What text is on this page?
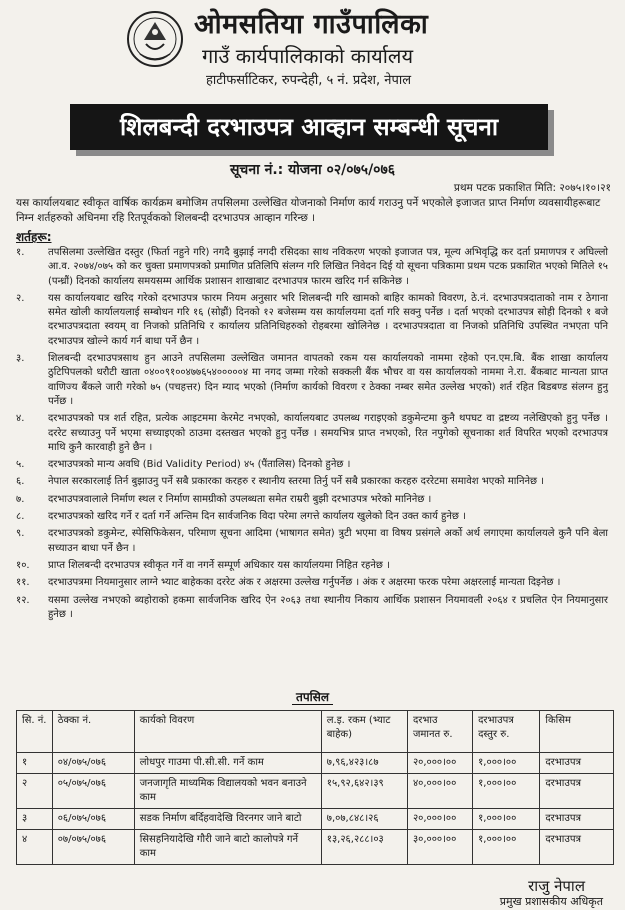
ओमसतिया गाउँपालिका
गाउँ कार्यपालिकाको कार्यालय
हाटीफर्साटिकर, रुपन्देही, ५ नं. प्रदेश, नेपाल
शिलबन्दी दरभाउपत्र आव्हान सम्बन्धी सूचना
सूचना नं.: योजना ०२/०७५/०७६
प्रथम पटक प्रकाशित मिति: २०७५।१०।२१
यस कार्यालयबाट स्वीकृत वार्षिक कार्यक्रम बमोजिम तपसिलमा उल्लेखित योजनाको निर्माण कार्य गराउनु पर्ने भएकोले इजाजत प्राप्त निर्माण व्यवसायीहरूबाट निम्न शर्तहरुको अधिनमा रहि रितपूर्वकको शिलबन्दी दरभाउपत्र आव्हान गरिन्छ ।
शर्तहरू:
१.	तपसिलमा उल्लेखित दस्तुर (फिर्ता नहुने गरि) नगदै बुझाई नगदी रसिदका साथ नविकरण भएको इजाजत पत्र, मूल्य अभिवृद्धि कर दर्ता प्रमाणपत्र र अघिल्लो आ.व. २०७४/०७५ को कर चुक्ता प्रमाणपत्रको प्रमाणित प्रतिलिपि संलग्न गरि लिखित निवेदन दिई यो सूचना पत्रिकामा प्रथम पटक प्रकाशित भएको मितिले १५ (पन्ध्रौं) दिनको कार्यालय समयसम्म आर्थिक प्रशासन शाखाबाट दरभाउपत्र फारम खरिद गर्न सकिनेछ ।
२.	यस कार्यालयबाट खरिद गरेको दरभाउपत्र फारम नियम अनुसार भरि शिलबन्दी गरि खामको बाहिर कामको विवरण, ठे.नं. दरभाउपत्रदाताको नाम र ठेगाना समेत खोली कार्यालयलाई सम्बोधन गरि १६ (सोह्रौं) दिनको १२ बजेसम्म यस कार्यालयमा दर्ता गरि सक्नु पर्नेछ । दर्ता भएको दरभाउपत्र सोही दिनको १ बजे दरभाउपत्रदाता स्वयम् वा निजको प्रतिनिधि र कार्यालय प्रतिनिधिहरुको रोहबरमा खोलिनेछ । दरभाउपत्रदाता वा निजको प्रतिनिधि उपस्थित नभएता पनि दरभाउपत्र खोल्ने कार्य गर्न बाधा पर्ने छैन ।
३.	शिलबन्दी दरभाउपत्रसाथ हुन आउने तपसिलमा उल्लेखित जमानत वापतको रकम यस कार्यालयको नाममा रहेको एन.एम.बि. बैंक शाखा कार्यालय ठुटिपिपलको धरौटी खाता ०४००९१००४७७६५४०००००४ मा नगद जम्मा गरेको सक्कली बैंक भौचर वा यस कार्यालयको नाममा ने.रा. बैंकबाट मान्यता प्राप्त वाणिज्य बैंकले जारी गरेको ७५ (पचहत्तर) दिन म्याद भएको (निर्माण कार्यको विवरण र ठेक्का नम्बर समेत उल्लेख भएको) शर्त रहित बिडबण्ड संलग्न हुनु पर्नेछ ।
४.	दरभाउपत्रको पत्र शर्त रहित, प्रत्येक आइटममा केरमेट नभएको, कार्यालयबाट उपलब्ध गराइएको डकुमेन्टमा कुनै थपघट वा द्रष्टव्य नलेखिएको हुनु पर्नेछ । दररेट सच्याउनु पर्ने भएमा सच्याइएको ठाउमा दस्तखत भएको हुनु पर्नेछ । समयभित्र प्राप्त नभएको, रित नपुगेको सूचनाका शर्त विपरित भएको दरभाउपत्र माथि कुनै कारवाही हुने छैन ।
५.	दरभाउपत्रको मान्य अवधि (Bid Validity Period) ४५ (पैंतालिस) दिनको हुनेछ ।
६.	नेपाल सरकारलाई तिर्न बुझाउनु पर्ने सबै प्रकारका करहरु र स्थानीय स्तरमा तिर्नु पर्ने सबै प्रकारका करहरु दररेटमा समावेश भएको मानिनेछ ।
७.	दरभाउपत्रवालाले निर्माण स्थल र निर्माण सामग्रीको उपलब्धता समेत राम्ररी बुझी दरभाउपत्र भरेको मानिनेछ ।
८.	दरभाउपत्रको खरिद गर्ने र दर्ता गर्ने अन्तिम दिन सार्वजनिक विदा परेमा लगत्ते कार्यालय खुलेको दिन उक्त कार्य हुनेछ ।
९.	दरभाउपत्रको डकुमेन्ट, स्पेसिफिकेसन, परिमाण सूचना आदिमा (भाषागत समेत) त्रुटी भएमा वा विषय प्रसंगले अर्को अर्थ लगाएमा कार्यालयले कुनै पनि बेला सच्याउन बाधा पर्ने छैन ।
१०.	प्राप्त शिलबन्दी दरभाउपत्र स्वीकृत गर्ने वा नगर्ने सम्पूर्ण अधिकार यस कार्यालयमा निहित रहनेछ ।
११.	दरभाउपत्रमा नियमानुसार लाग्ने भ्याट बाहेकका दररेट अंक र अक्षरमा उल्लेख गर्नुपर्नेछ । अंक र अक्षरमा फरक परेमा अक्षरलाई मान्यता दिइनेछ ।
१२.	यसमा उल्लेख नभएको ब्यहोराको हकमा सार्वजनिक खरिद ऐन २०६३ तथा स्थानीय निकाय आर्थिक प्रशासन नियमावली २०६४ र प्रचलित ऐन नियमानुसार हुनेछ ।
तपसिल
सि. नं.	ठेक्का नं.	कार्यको विवरण	ल.इ. रकम (भ्याट बाहेक)	दरभाउ जमानत रु.	दरभाउपत्र दस्तुर रु.	किसिम
१	०४/०७५/०७६	लोधपुर गाउमा पी.सी.सी. गर्ने काम	७,९६,४२३।८७	२०,०००।००	१,०००।००	दरभाउपत्र
२	०५/०७५/०७६	जनजागृति माध्यमिक विद्यालयको भवन बनाउने काम	१५,९२,६४२।३९	४०,०००।००	१,०००।००	दरभाउपत्र
३	०६/०७५/०७६	सडक निर्माण बर्दिहवादेखि विरनगर जाने बाटो	७,०७,८४८।२६	२०,०००।००	१,०००।००	दरभाउपत्र
४	०७/०७५/०७६	सिसहनियादेखि गौरी जाने बाटो कालोपत्रे गर्ने काम	१३,२६,२८८।०३	३०,०००।००	१,०००।००	दरभाउपत्र
राजु नेपाल
प्रमुख प्रशासकीय अधिकृत
